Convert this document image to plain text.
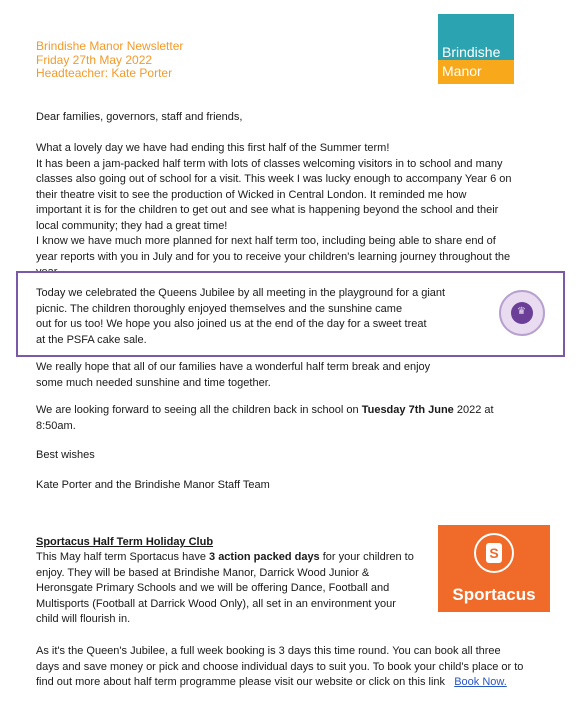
Brindishe Manor Newsletter
Friday 27th May 2022
Headteacher: Kate Porter
Brindishe
Manor
Dear families, governors, staff and friends,
What a lovely day we have had ending this first half of the Summer term!
It has been a jam-packed half term with lots of classes welcoming visitors in to school and many
classes also going out of school for a visit. This week I was lucky enough to accompany Year 6 on
their theatre visit to see the production of Wicked in Central London. It reminded me how
important it is for the children to get out and see what is happening beyond the school and their
local community; they had a great time!
I know we have much more planned for next half term too, including being able to share end of
year reports with you in July and for you to receive your children's learning journey throughout the
Today we celebrated the Queens Jubilee by all meeting in the playground for a giant
picnic. The children thoroughly enjoyed themselves and the sunshine came
out for us too! We hope you also joined us at the end of the day for a sweet treat
at the PSFA cake sale.
♛
We really hope that all of our families have a wonderful half term break and enjoy
some much needed sunshine and time together.
We are looking forward to seeing all the children back in school on Tuesday 7th June 2022 at
8:50am.
Best wishes
Kate Porter and the Brindishe Manor Staff Team
Sportacus Half Term Holiday Club
This May half term Sportacus have 3 action packed days for your children to
enjoy. They will be based at Brindishe Manor, Darrick Wood Junior &
Heronsgate Primary Schools and we will be offering Dance, Football and
Multisports (Football at Darrick Wood Only), all set in an environment your
child will flourish in.
S
Sportacus
As it's the Queen's Jubilee, a full week booking is 3 days this time round. You can book all three
days and save money or pick and choose individual days to suit you. To book your child's place or to
find out more about half term programme please visit our website or click on this link Book Now.
